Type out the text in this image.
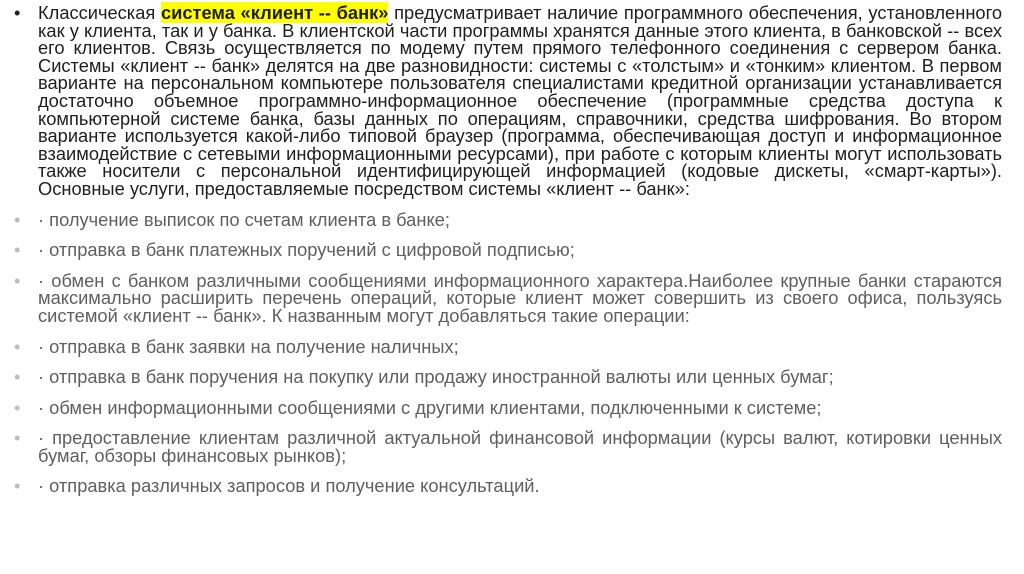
• Классическая система «клиент -- банк» предусматривает наличие программного обеспечения, установленного как у клиента, так и у банка. В клиентской части программы хранятся данные этого клиента, в банковской -- всех его клиентов. Связь осуществляется по модему путем прямого телефонного соединения с сервером банка. Системы «клиент -- банк» делятся на две разновидности: системы с «толстым» и «тонким» клиентом. В первом варианте на персональном компьютере пользователя специалистами кредитной организации устанавливается достаточно объемное программно-информационное обеспечение (программные средства доступа к компьютерной системе банка, базы данных по операциям, справочники, средства шифрования. Во втором варианте используется какой-либо типовой браузер (программа, обеспечивающая доступ и информационное взаимодействие с сетевыми информационными ресурсами), при работе с которым клиенты могут использовать также носители с персональной идентифицирующей информацией (кодовые дискеты, «смарт-карты»). Основные услуги, предоставляемые посредством системы «клиент -- банк»:
• · получение выписок по счетам клиента в банке;
• · отправка в банк платежных поручений с цифровой подписью;
• · обмен с банком различными сообщениями информационного характера.Наиболее крупные банки стараются максимально расширить перечень операций, которые клиент может совершить из своего офиса, пользуясь системой «клиент -- банк». К названным могут добавляться такие операции:
• · отправка в банк заявки на получение наличных;
• · отправка в банк поручения на покупку или продажу иностранной валюты или ценных бумаг;
• · обмен информационными сообщениями с другими клиентами, подключенными к системе;
• · предоставление клиентам различной актуальной финансовой информации (курсы валют, котировки ценных бумаг, обзоры финансовых рынков);
• · отправка различных запросов и получение консультаций.
